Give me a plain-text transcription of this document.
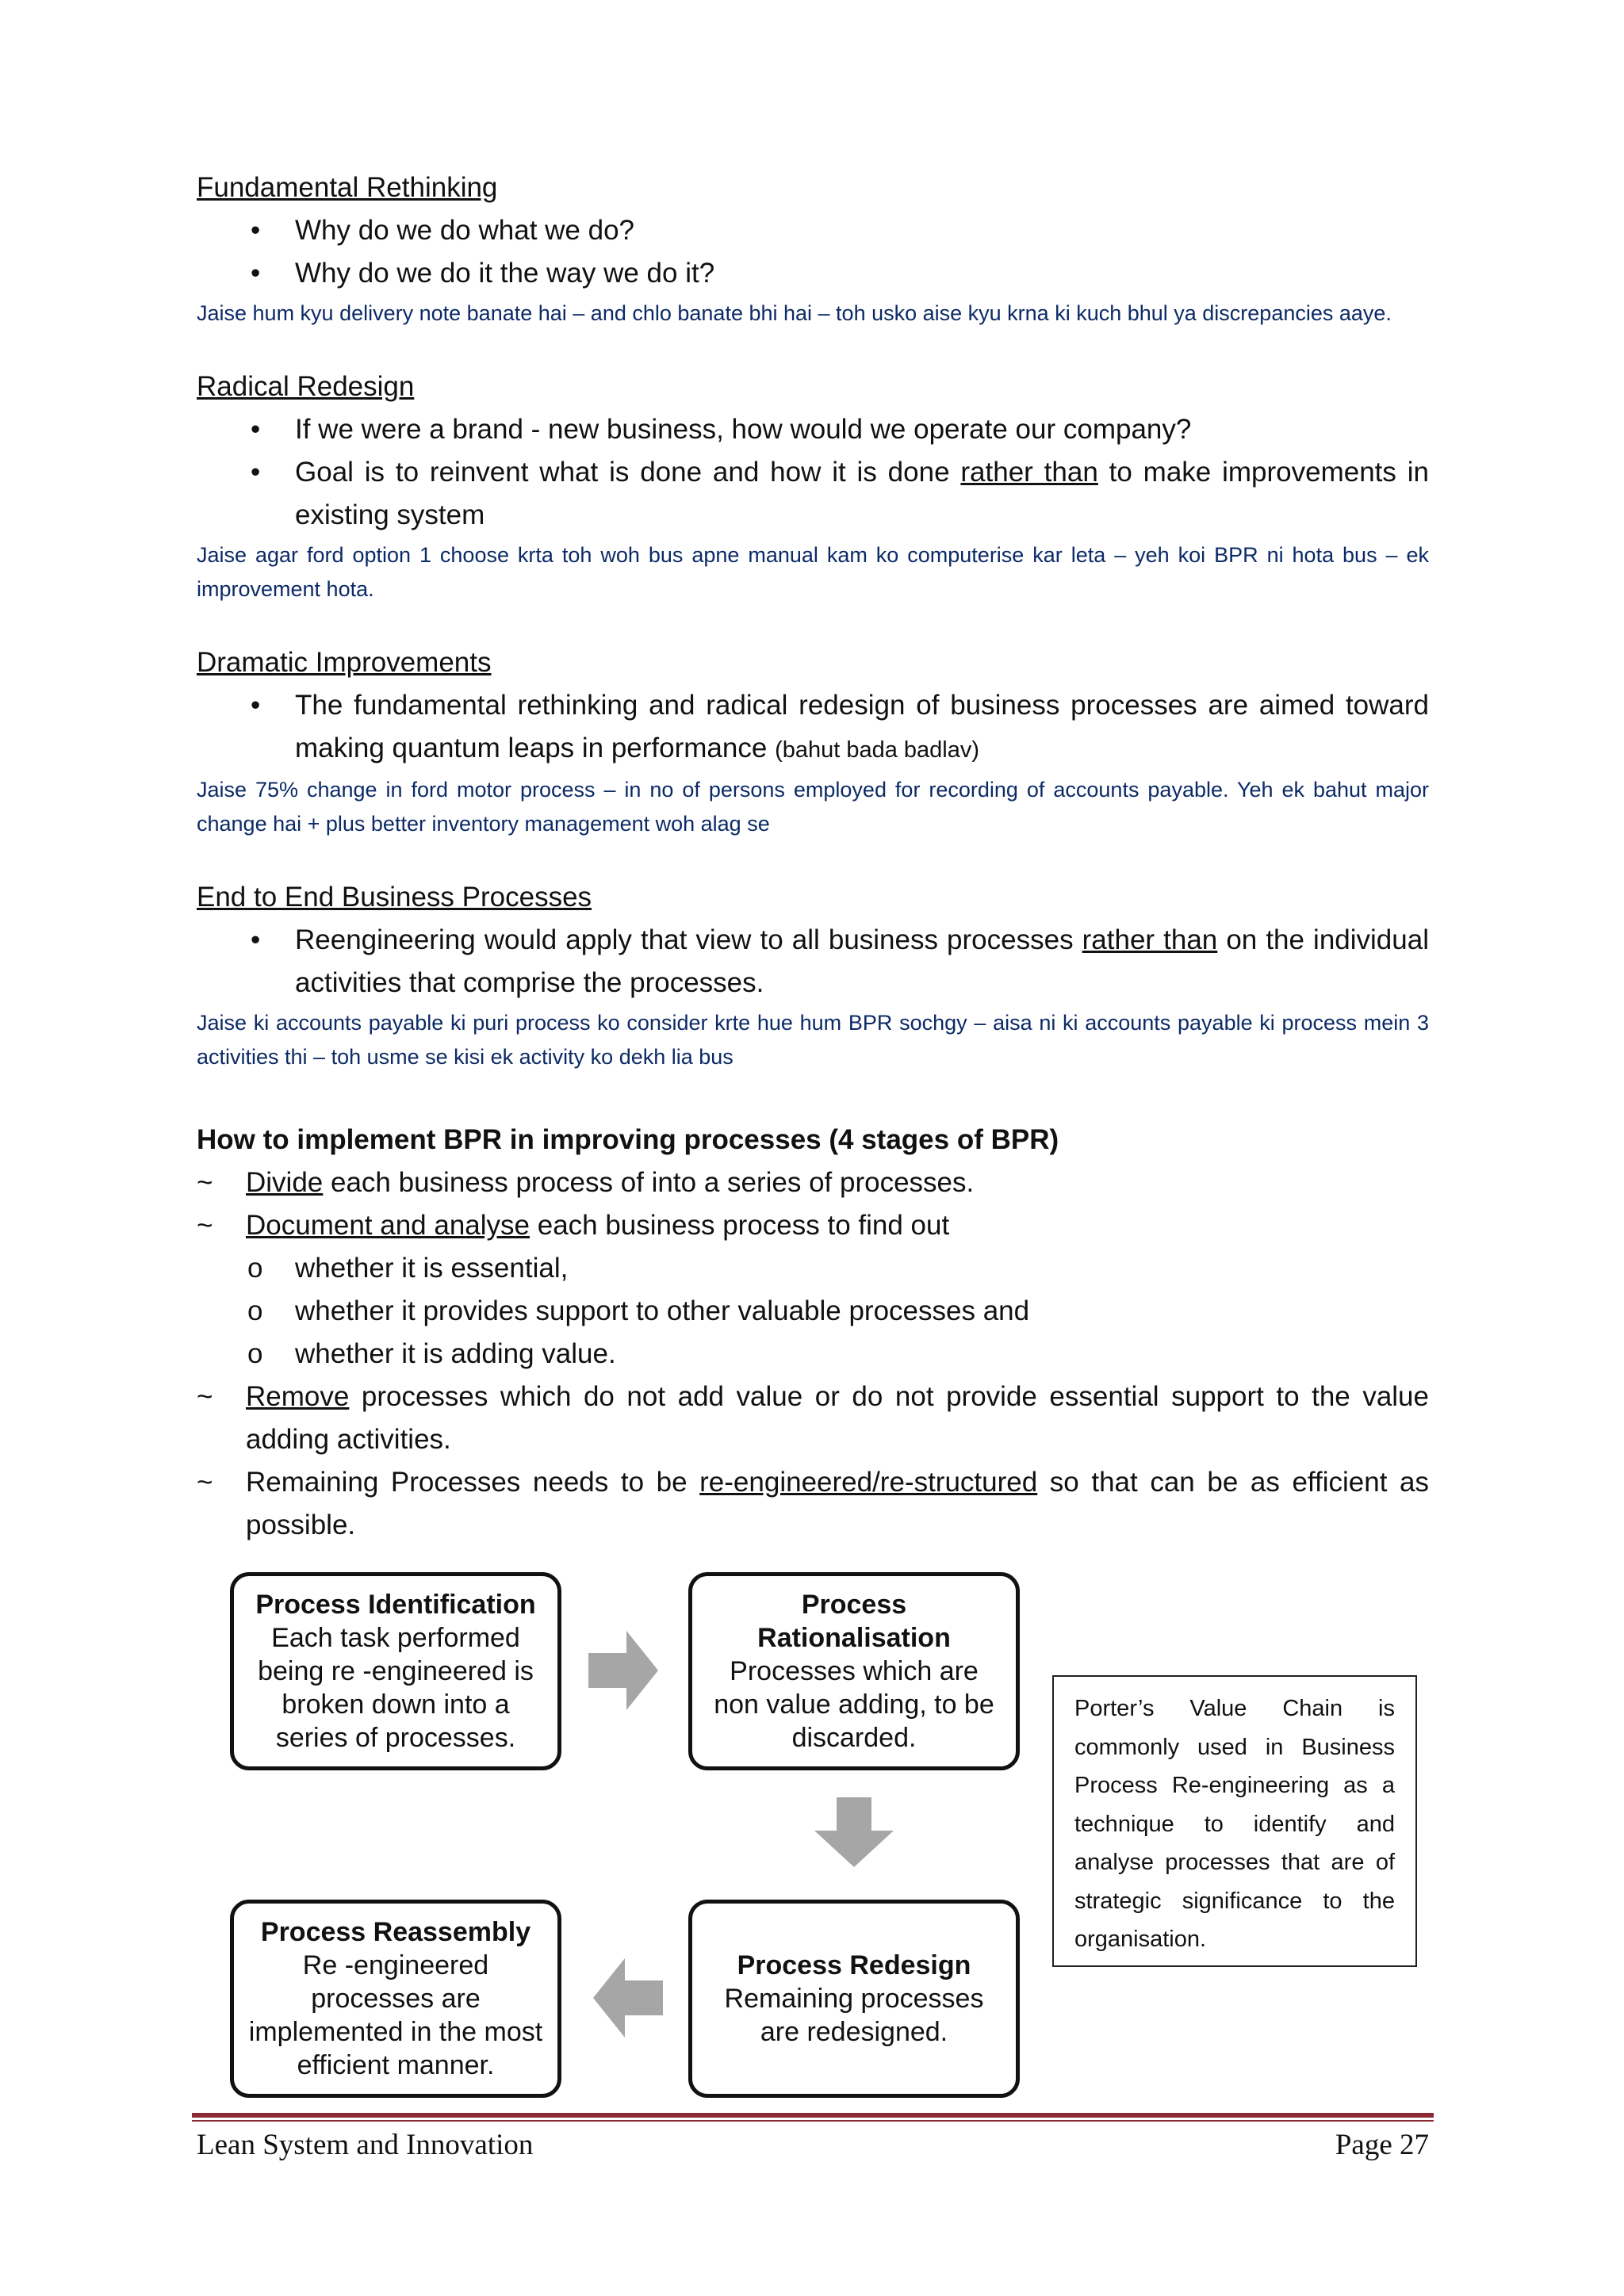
Fundamental Rethinking

• Why do we do what we do?
• Why do we do it the way we do it?

Jaise hum kyu delivery note banate hai – and chlo banate bhi hai – toh usko aise kyu krna ki kuch bhul ya discrepancies aaye.

Radical Redesign

• If we were a brand - new business, how would we operate our company?
• Goal is to reinvent what is done and how it is done rather than to make improvements in existing system

Jaise agar ford option 1 choose krta toh woh bus apne manual kam ko computerise kar leta – yeh koi BPR ni hota bus – ek improvement hota.

Dramatic Improvements

• The fundamental rethinking and radical redesign of business processes are aimed toward making quantum leaps in performance (bahut bada badlav)

Jaise 75% change in ford motor process – in no of persons employed for recording of accounts payable. Yeh ek bahut major change hai + plus better inventory management woh alag se

End to End Business Processes

• Reengineering would apply that view to all business processes rather than on the individual activities that comprise the processes.

Jaise ki accounts payable ki puri process ko consider krte hue hum BPR sochgy – aisa ni ki accounts payable ki process mein 3 activities thi – toh usme se kisi ek activity ko dekh lia bus

How to implement BPR in improving processes (4 stages of BPR)

~ Divide each business process of into a series of processes.
~ Document and analyse each business process to find out
o whether it is essential,
o whether it provides support to other valuable processes and
o whether it is adding value.
~ Remove processes which do not add value or do not provide essential support to the value adding activities.
~ Remaining Processes needs to be re-engineered/re-structured so that can be as efficient as possible.
Process Identification
Each task performed being re -engineered is broken down into a series of processes.
Process Rationalisation
Processes which are non value adding, to be discarded.
Process Redesign
Remaining processes are redesigned.
Process Reassembly Re -engineered processes are implemented in the most efficient manner.
Porter’s Value Chain is commonly used in Business Process Re-engineering as a technique to identify and analyse processes that are of strategic significance to the organisation.
Lean System and Innovation	Page 27
